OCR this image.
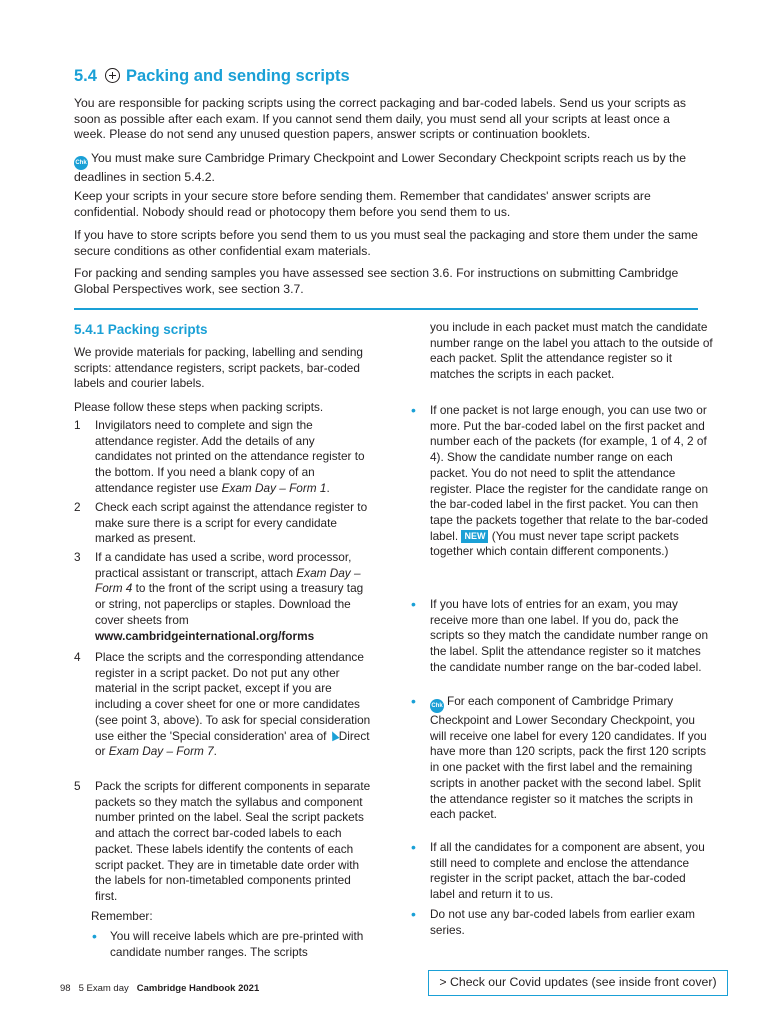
5.4 Packing and sending scripts
You are responsible for packing scripts using the correct packaging and bar-coded labels. Send us your scripts as soon as possible after each exam. If you cannot send them daily, you must send all your scripts at least once a week. Please do not send any unused question papers, answer scripts or continuation booklets.
Chk You must make sure Cambridge Primary Checkpoint and Lower Secondary Checkpoint scripts reach us by the deadlines in section 5.4.2.
Keep your scripts in your secure store before sending them. Remember that candidates' answer scripts are confidential. Nobody should read or photocopy them before you send them to us.
If you have to store scripts before you send them to us you must seal the packaging and store them under the same secure conditions as other confidential exam materials.
For packing and sending samples you have assessed see section 3.6. For instructions on submitting Cambridge Global Perspectives work, see section 3.7.
5.4.1 Packing scripts
We provide materials for packing, labelling and sending scripts: attendance registers, script packets, bar-coded labels and courier labels.
Please follow these steps when packing scripts.
1 Invigilators need to complete and sign the attendance register. Add the details of any candidates not printed on the attendance register to the bottom. If you need a blank copy of an attendance register use Exam Day – Form 1.
2 Check each script against the attendance register to make sure there is a script for every candidate marked as present.
3 If a candidate has used a scribe, word processor, practical assistant or transcript, attach Exam Day – Form 4 to the front of the script using a treasury tag or string, not paperclips or staples. Download the cover sheets from www.cambridgeinternational.org/forms
4 Place the scripts and the corresponding attendance register in a script packet. Do not put any other material in the script packet, except if you are including a cover sheet for one or more candidates (see point 3, above). To ask for special consideration use either the 'Special consideration' area of Direct or Exam Day – Form 7.
5 Pack the scripts for different components in separate packets so they match the syllabus and component number printed on the label. Seal the script packets and attach the correct bar-coded labels to each packet. These labels identify the contents of each script packet. They are in timetable date order with the labels for non-timetabled components printed first.
Remember:
• You will receive labels which are pre-printed with candidate number ranges. The scripts
you include in each packet must match the candidate number range on the label you attach to the outside of each packet. Split the attendance register so it matches the scripts in each packet.
• If one packet is not large enough, you can use two or more. Put the bar-coded label on the first packet and number each of the packets (for example, 1 of 4, 2 of 4). Show the candidate number range on each packet. You do not need to split the attendance register. Place the register for the candidate range on the bar-coded label in the first packet. You can then tape the packets together that relate to the bar-coded label. NEW (You must never tape script packets together which contain different components.)
• If you have lots of entries for an exam, you may receive more than one label. If you do, pack the scripts so they match the candidate number range on the label. Split the attendance register so it matches the candidate number range on the bar-coded label.
•	Chk For each component of Cambridge Primary Checkpoint and Lower Secondary Checkpoint, you will receive one label for every 120 candidates. If you have more than 120 scripts, pack the first 120 scripts in one packet with the first label and the remaining scripts in another packet with the second label. Split the attendance register so it matches the scripts in each packet.
• If all the candidates for a component are absent, you still need to complete and enclose the attendance register in the script packet, attach the bar-coded label and return it to us.
• Do not use any bar-coded labels from earlier exam series.
98 5 Exam day Cambridge Handbook 2021	> Check our Covid updates (see inside front cover)
